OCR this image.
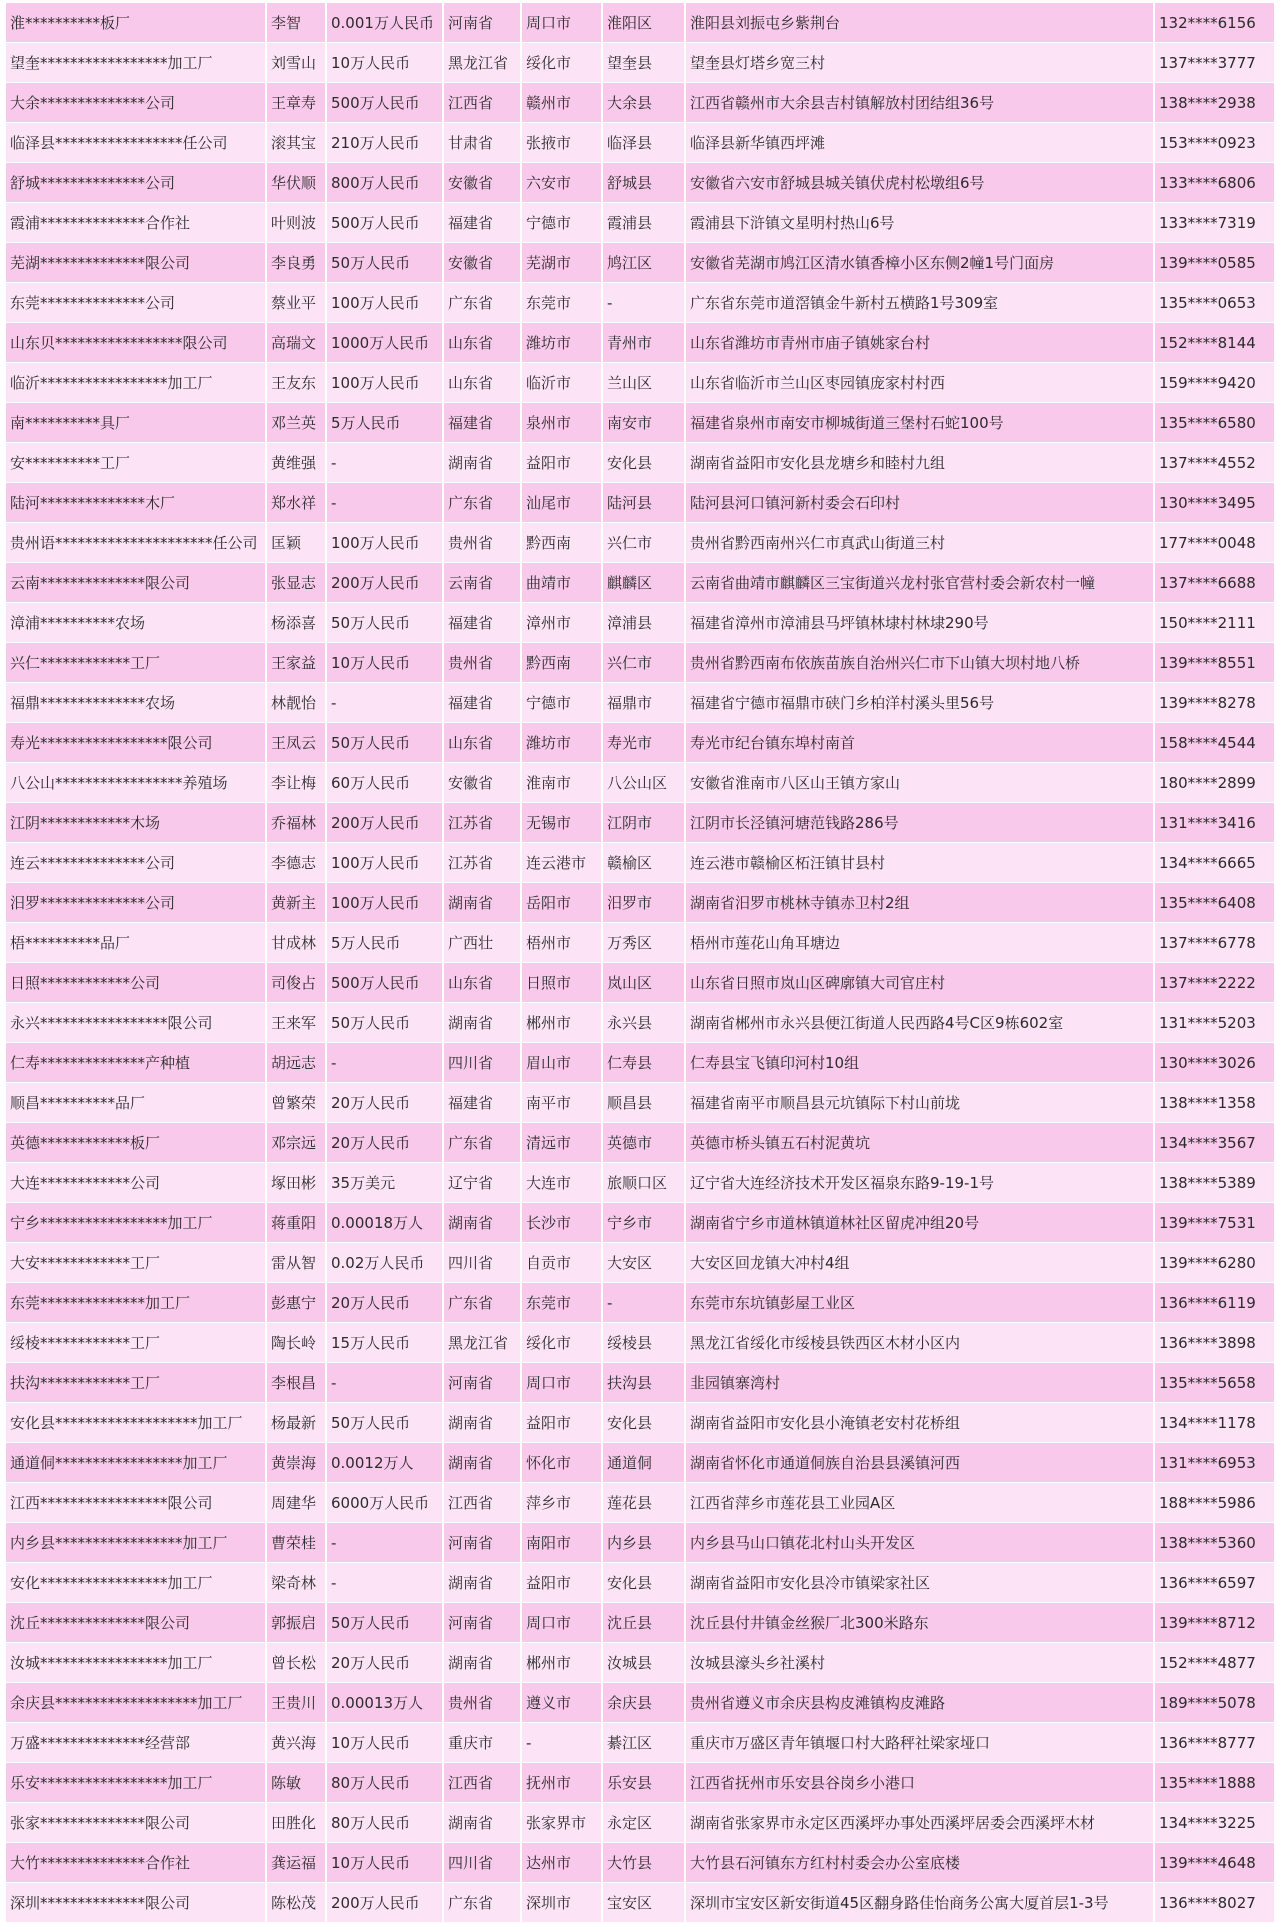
淮**********板厂	李智	0.001万人民币	河南省	周口市	淮阳区	淮阳县刘振屯乡紫荆台	132****6156
望奎*****************加工厂	刘雪山	10万人民币	黑龙江省	绥化市	望奎县	望奎县灯塔乡宽三村	137****3777
大余**************公司	王章寿	500万人民币	江西省	赣州市	大余县	江西省赣州市大余县吉村镇解放村团结组36号	138****2938
临泽县*****************任公司	滚其宝	210万人民币	甘肃省	张掖市	临泽县	临泽县新华镇西坪滩	153****0923
舒城**************公司	华伏顺	800万人民币	安徽省	六安市	舒城县	安徽省六安市舒城县城关镇伏虎村松墩组6号	133****6806
霞浦**************合作社	叶则波	500万人民币	福建省	宁德市	霞浦县	霞浦县下浒镇文星明村热山6号	133****7319
芜湖**************限公司	李良勇	50万人民币	安徽省	芜湖市	鸠江区	安徽省芜湖市鸠江区清水镇香樟小区东侧2幢1号门面房	139****0585
东莞**************公司	蔡业平	100万人民币	广东省	东莞市	-	广东省东莞市道滘镇金牛新村五横路1号309室	135****0653
山东贝*****************限公司	高瑞文	1000万人民币	山东省	潍坊市	青州市	山东省潍坊市青州市庙子镇姚家台村	152****8144
临沂*****************加工厂	王友东	100万人民币	山东省	临沂市	兰山区	山东省临沂市兰山区枣园镇庞家村村西	159****9420
南**********具厂	邓兰英	5万人民币	福建省	泉州市	南安市	福建省泉州市南安市柳城街道三堡村石蛇100号	135****6580
安**********工厂	黄维强	-	湖南省	益阳市	安化县	湖南省益阳市安化县龙塘乡和睦村九组	137****4552
陆河**************木厂	郑水祥	-	广东省	汕尾市	陆河县	陆河县河口镇河新村委会石印村	130****3495
贵州语*********************任公司	匡颖	100万人民币	贵州省	黔西南	兴仁市	贵州省黔西南州兴仁市真武山街道三村	177****0048
云南**************限公司	张显志	200万人民币	云南省	曲靖市	麒麟区	云南省曲靖市麒麟区三宝街道兴龙村张官营村委会新农村一幢	137****6688
漳浦**********农场	杨添喜	50万人民币	福建省	漳州市	漳浦县	福建省漳州市漳浦县马坪镇林埭村林埭290号	150****2111
兴仁************工厂	王家益	10万人民币	贵州省	黔西南	兴仁市	贵州省黔西南布依族苗族自治州兴仁市下山镇大坝村地八桥	139****8551
福鼎**************农场	林靓怡	-	福建省	宁德市	福鼎市	福建省宁德市福鼎市硖门乡柏洋村溪头里56号	139****8278
寿光*****************限公司	王凤云	50万人民币	山东省	潍坊市	寿光市	寿光市纪台镇东埠村南首	158****4544
八公山*****************养殖场	李让梅	60万人民币	安徽省	淮南市	八公山区	安徽省淮南市八区山王镇方家山	180****2899
江阴************木场	乔福林	200万人民币	江苏省	无锡市	江阴市	江阴市长泾镇河塘范钱路286号	131****3416
连云**************公司	李德志	100万人民币	江苏省	连云港市	赣榆区	连云港市赣榆区柘汪镇甘县村	134****6665
汨罗**************公司	黄新主	100万人民币	湖南省	岳阳市	汨罗市	湖南省汨罗市桃林寺镇赤卫村2组	135****6408
梧**********品厂	甘成林	5万人民币	广西壮	梧州市	万秀区	梧州市莲花山角耳塘边	137****6778
日照************公司	司俊占	500万人民币	山东省	日照市	岚山区	山东省日照市岚山区碑廓镇大司官庄村	137****2222
永兴*****************限公司	王来军	50万人民币	湖南省	郴州市	永兴县	湖南省郴州市永兴县便江街道人民西路4号C区9栋602室	131****5203
仁寿**************产种植	胡远志	-	四川省	眉山市	仁寿县	仁寿县宝飞镇印河村10组	130****3026
顺昌**********品厂	曾繁荣	20万人民币	福建省	南平市	顺昌县	福建省南平市顺昌县元坑镇际下村山前垅	138****1358
英德************板厂	邓宗远	20万人民币	广东省	清远市	英德市	英德市桥头镇五石村泥黄坑	134****3567
大连************公司	塚田彬	35万美元	辽宁省	大连市	旅顺口区	辽宁省大连经济技术开发区福泉东路9-19-1号	138****5389
宁乡*****************加工厂	蒋重阳	0.00018万人	湖南省	长沙市	宁乡市	湖南省宁乡市道林镇道林社区留虎冲组20号	139****7531
大安************工厂	雷从智	0.02万人民币	四川省	自贡市	大安区	大安区回龙镇大冲村4组	139****6280
东莞**************加工厂	彭惠宁	20万人民币	广东省	东莞市	-	东莞市东坑镇彭屋工业区	136****6119
绥棱************工厂	陶长岭	15万人民币	黑龙江省	绥化市	绥棱县	黑龙江省绥化市绥棱县铁西区木材小区内	136****3898
扶沟************工厂	李根昌	-	河南省	周口市	扶沟县	韭园镇寨湾村	135****5658
安化县*******************加工厂	杨最新	50万人民币	湖南省	益阳市	安化县	湖南省益阳市安化县小淹镇老安村花桥组	134****1178
通道侗*****************加工厂	黄崇海	0.0012万人	湖南省	怀化市	通道侗	湖南省怀化市通道侗族自治县县溪镇河西	131****6953
江西*****************限公司	周建华	6000万人民币	江西省	萍乡市	莲花县	江西省萍乡市莲花县工业园A区	188****5986
内乡县*****************加工厂	曹荣桂	-	河南省	南阳市	内乡县	内乡县马山口镇花北村山头开发区	138****5360
安化*****************加工厂	梁奇林	-	湖南省	益阳市	安化县	湖南省益阳市安化县冷市镇梁家社区	136****6597
沈丘**************限公司	郭振启	50万人民币	河南省	周口市	沈丘县	沈丘县付井镇金丝猴厂北300米路东	139****8712
汝城*****************加工厂	曾长松	20万人民币	湖南省	郴州市	汝城县	汝城县濠头乡社溪村	152****4877
余庆县*******************加工厂	王贵川	0.00013万人	贵州省	遵义市	余庆县	贵州省遵义市余庆县构皮滩镇构皮滩路	189****5078
万盛**************经营部	黄兴海	10万人民币	重庆市	-	綦江区	重庆市万盛区青年镇堰口村大路秤社梁家垭口	136****8777
乐安*****************加工厂	陈敏	80万人民币	江西省	抚州市	乐安县	江西省抚州市乐安县谷岗乡小港口	135****1888
张家**************限公司	田胜化	80万人民币	湖南省	张家界市	永定区	湖南省张家界市永定区西溪坪办事处西溪坪居委会西溪坪木材	134****3225
大竹**************合作社	龚运福	10万人民币	四川省	达州市	大竹县	大竹县石河镇东方红村村委会办公室底楼	139****4648
深圳**************限公司	陈松茂	200万人民币	广东省	深圳市	宝安区	深圳市宝安区新安街道45区翻身路佳怡商务公寓大厦首层1-3号	136****8027
